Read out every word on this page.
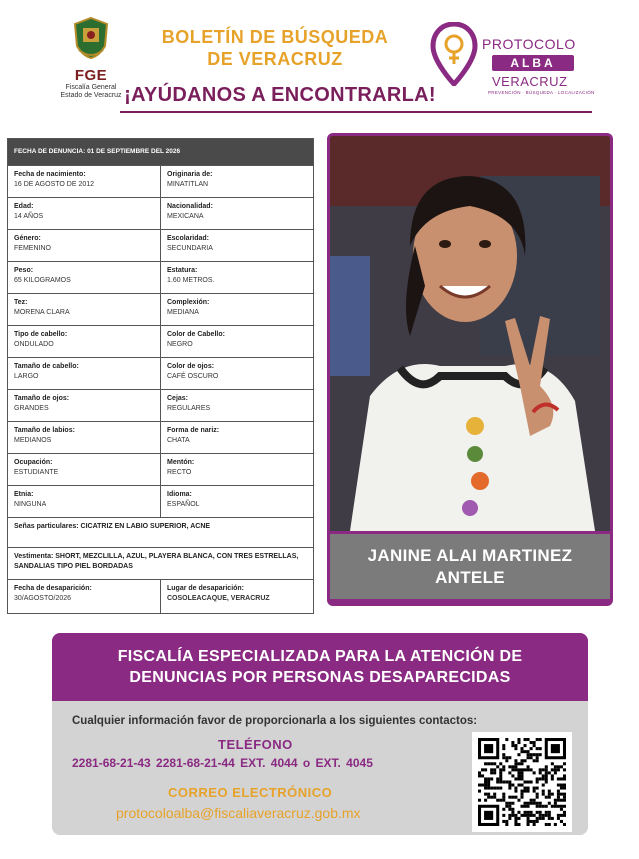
FGE
Fiscalía General
Estado de Veracruz
BOLETÍN DE BÚSQUEDA
DE VERACRUZ
¡AYÚDANOS A ENCONTRARLA!
PROTOCOLO
ALBA
VERACRUZ
PREVENCIÓN · BÚSQUEDA · LOCALIZACIÓN
FECHA DE DENUNCIA: 01 DE SEPTIEMBRE DEL 2026
Fecha de nacimiento:
16 DE AGOSTO DE 2012
Originaria de:
MINATITLAN
Edad:
14 AÑOS
Nacionalidad:
MEXICANA
Género:
FEMENINO
Escolaridad:
SECUNDARIA
Peso:
65 KILOGRAMOS
Estatura:
1.60 METROS.
Tez:
MORENA CLARA
Complexión:
MEDIANA
Tipo de cabello:
ONDULADO
Color de Cabello:
NEGRO
Tamaño de cabello:
LARGO
Color de ojos:
CAFÉ OSCURO
Tamaño de ojos:
GRANDES
Cejas:
REGULARES
Tamaño de labios:
MEDIANOS
Forma de nariz:
CHATA
Ocupación:
ESTUDIANTE
Mentón:
RECTO
Etnia:
NINGUNA
Idioma:
ESPAÑOL
Señas particulares: CICATRIZ EN LABIO SUPERIOR, ACNE
Vestimenta: SHORT, MEZCLILLA, AZUL, PLAYERA BLANCA, CON TRES ESTRELLAS, SANDALIAS TIPO PIEL BORDADAS
Fecha de desaparición:
30/AGOSTO/2026
Lugar de desaparición:
COSOLEACAQUE, VERACRUZ
JANINE ALAI MARTINEZ
ANTELE
FISCALÍA ESPECIALIZADA PARA LA ATENCIÓN DE
DENUNCIAS POR PERSONAS DESAPARECIDAS
Cualquier información favor de proporcionarla a los siguientes contactos:
TELÉFONO
2281-68-21-43 2281-68-21-44 EXT. 4044 o EXT. 4045
CORREO ELECTRÓNICO
protocoloalba@fiscaliaveracruz.gob.mx
